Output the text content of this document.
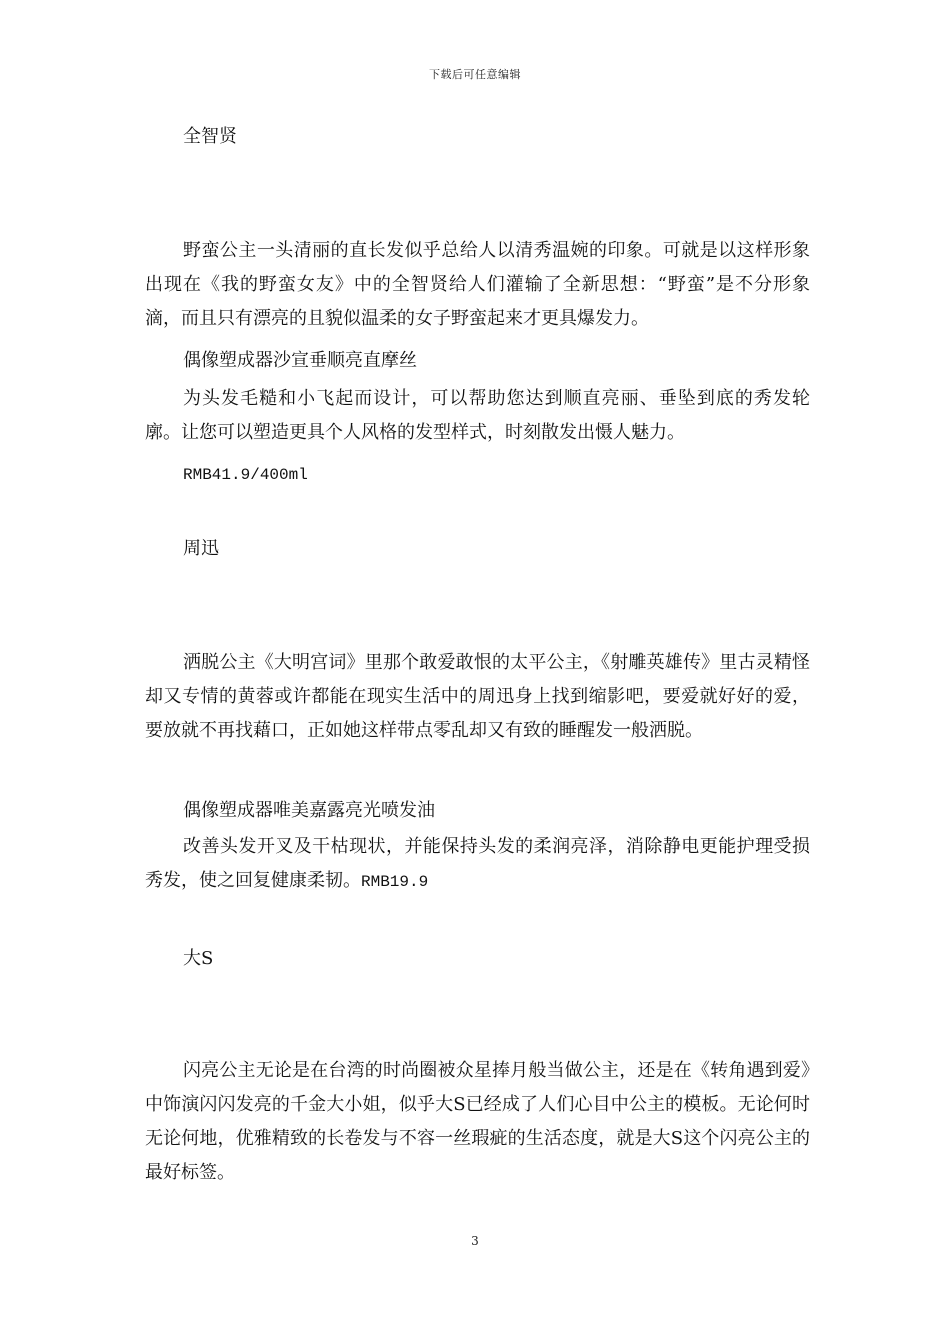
下载后可任意编辑
全智贤

野蛮公主一头清丽的直长发似乎总给人以清秀温婉的印象。可就是以这样形象出现在《我的野蛮女友》中的全智贤给人们灌输了全新思想：“野蛮”是不分形象滴，而且只有漂亮的且貌似温柔的女子野蛮起来才更具爆发力。

偶像塑成器沙宣垂顺亮直摩丝

为头发毛糙和小飞起而设计，可以帮助您达到顺直亮丽、垂坠到底的秀发轮廓。让您可以塑造更具个人风格的发型样式，时刻散发出慑人魅力。

RMB41.9/400ml
周迅

洒脱公主《大明宫词》里那个敢爱敢恨的太平公主，《射雕英雄传》里古灵精怪却又专情的黄蓉或许都能在现实生活中的周迅身上找到缩影吧，要爱就好好的爱，要放就不再找藉口，正如她这样带点零乱却又有致的睡醒发一般洒脱。

偶像塑成器唯美嘉露亮光喷发油

改善头发开叉及干枯现状，并能保持头发的柔润亮泽，消除静电更能护理受损秀发，使之回复健康柔韧。RMB19.9

大S

闪亮公主无论是在台湾的时尚圈被众星捧月般当做公主，还是在《转角遇到爱》中饰演闪闪发亮的千金大小姐，似乎大S已经成了人们心目中公主的模板。无论何时无论何地，优雅精致的长卷发与不容一丝瑕疵的生活态度，就是大S这个闪亮公主的最好标签。

3
